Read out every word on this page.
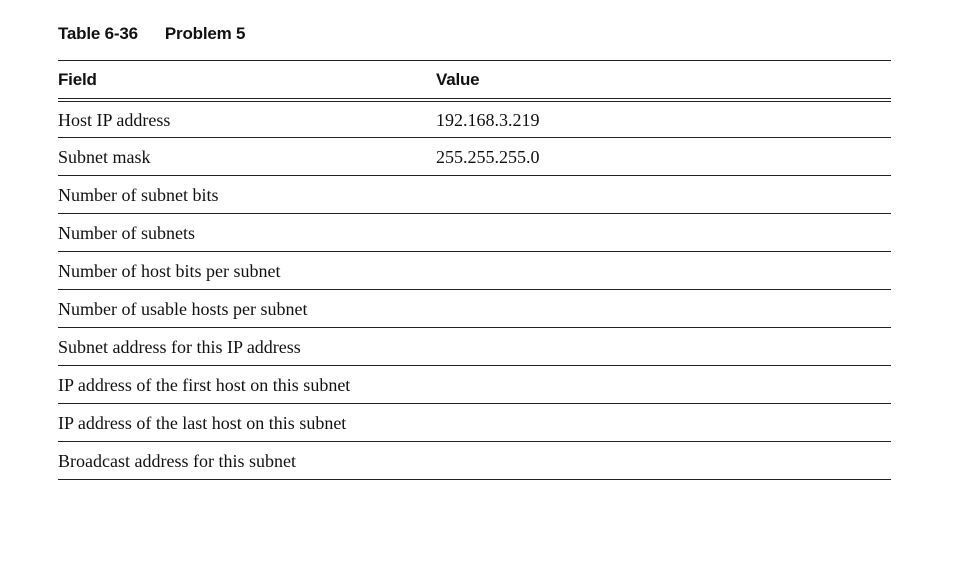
Table 6-36 Problem 5
Field	Value
Host IP address	192.168.3.219
Subnet mask	255.255.255.0
Number of subnet bits
Number of subnets
Number of host bits per subnet
Number of usable hosts per subnet
Subnet address for this IP address
IP address of the first host on this subnet
IP address of the last host on this subnet
Broadcast address for this subnet
